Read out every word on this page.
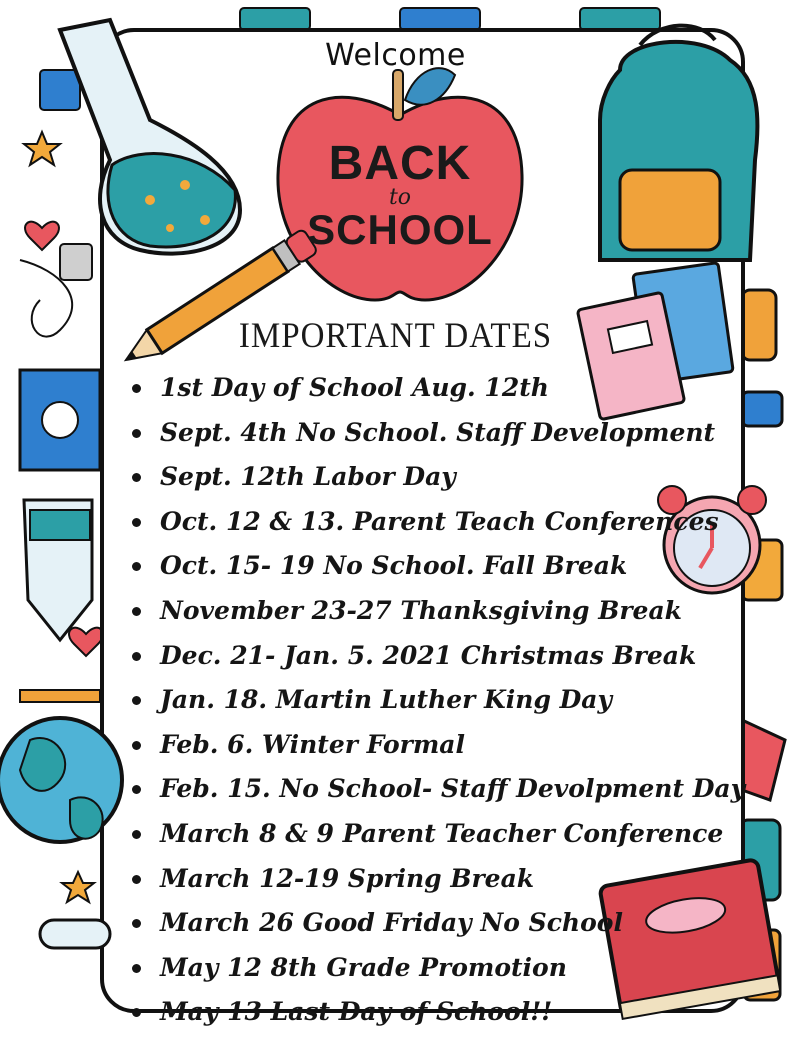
Welcome
BACK
to
SCHOOL
IMPORTANT DATES
1st Day of School Aug. 12th
Sept. 4th No School. Staff Development
Sept. 12th Labor Day
Oct. 12 & 13. Parent Teach Conferences
Oct. 15- 19 No School. Fall Break
November 23-27 Thanksgiving Break
Dec. 21- Jan. 5. 2021 Christmas Break
Jan. 18. Martin Luther King Day
Feb. 6. Winter Formal
Feb. 15. No School- Staff Devolpment Day
March 8 & 9 Parent Teacher Conference
March 12-19 Spring Break
March 26 Good Friday No School
May 12 8th Grade Promotion
May 13 Last Day of School!!
